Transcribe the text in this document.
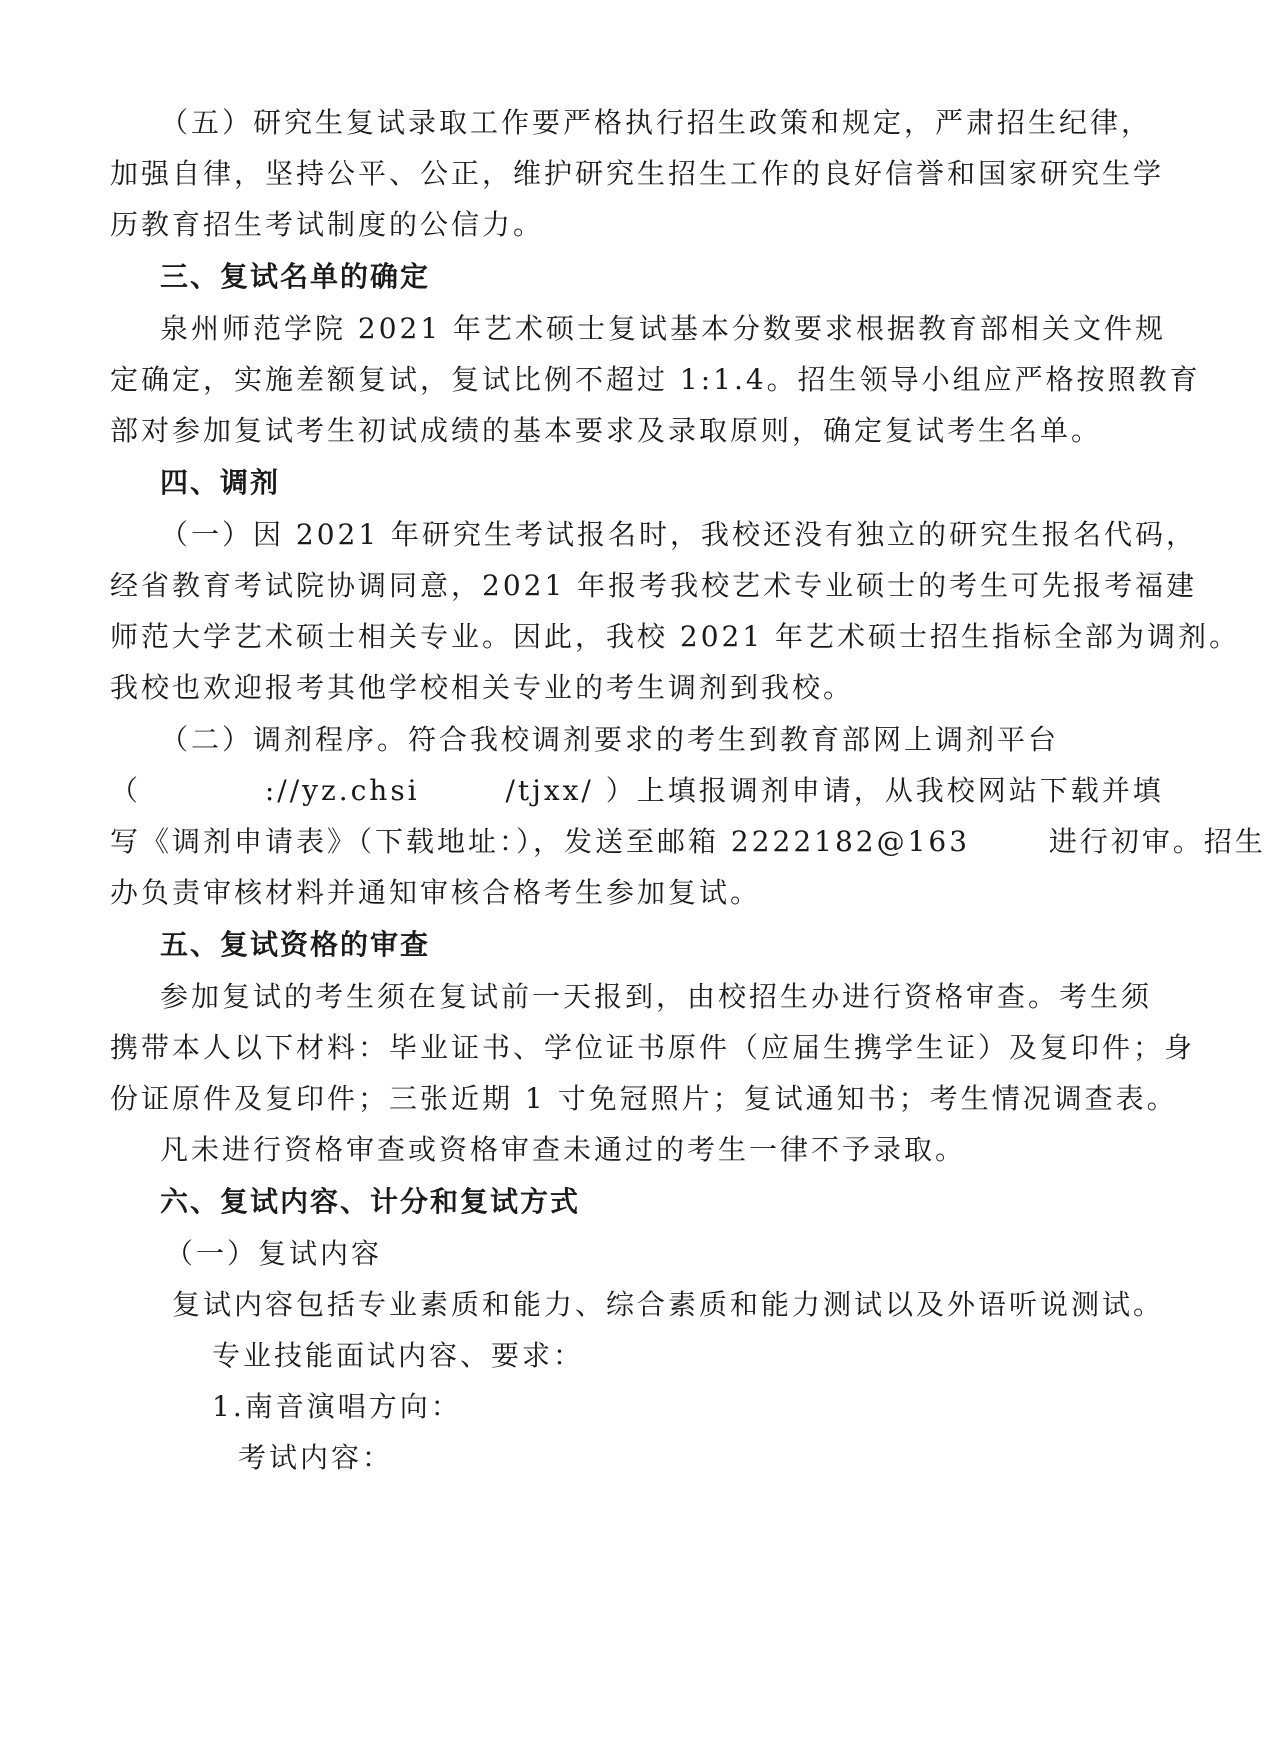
（五）研究生复试录取工作要严格执行招生政策和规定，严肃招生纪律，
加强自律，坚持公平、公正，维护研究生招生工作的良好信誉和国家研究生学
历教育招生考试制度的公信力。
三、复试名单的确定
泉州师范学院 2021 年艺术硕士复试基本分数要求根据教育部相关文件规
定确定，实施差额复试，复试比例不超过 1:1.4。招生领导小组应严格按照教育
部对参加复试考生初试成绩的基本要求及录取原则，确定复试考生名单。
四、调剂
（一）因 2021 年研究生考试报名时，我校还没有独立的研究生报名代码，
经省教育考试院协调同意，2021 年报考我校艺术专业硕士的考生可先报考福建
师范大学艺术硕士相关专业。因此，我校 2021 年艺术硕士招生指标全部为调剂。
我校也欢迎报考其他学校相关专业的考生调剂到我校。
（二）调剂程序。符合我校调剂要求的考生到教育部网上调剂平台
（	://yz.chsi	/tjxx/ ）上填报调剂申请，从我校网站下载并填
写《调剂申请表》（下载地址：），发送至邮箱 2222182@163	进行初审。招生
办负责审核材料并通知审核合格考生参加复试。
五、复试资格的审查
参加复试的考生须在复试前一天报到，由校招生办进行资格审查。考生须
携带本人以下材料：毕业证书、学位证书原件（应届生携学生证）及复印件；身
份证原件及复印件；三张近期 1 寸免冠照片；复试通知书；考生情况调查表。
凡未进行资格审查或资格审查未通过的考生一律不予录取。
六、复试内容、计分和复试方式
（一）复试内容
复试内容包括专业素质和能力、综合素质和能力测试以及外语听说测试。
专业技能面试内容、要求：
1.南音演唱方向：
考试内容：
